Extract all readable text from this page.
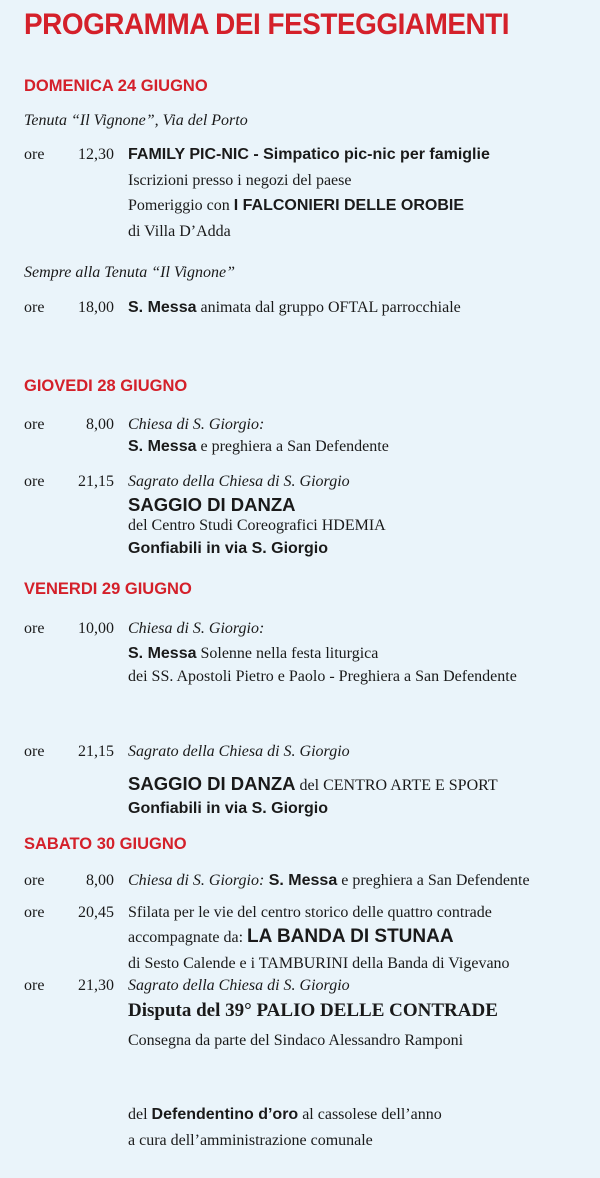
PROGRAMMA DEI FESTEGGIAMENTI
DOMENICA 24 GIUGNO
Tenuta “Il Vignone”, Via del Porto
ore	12,30 FAMILY PIC-NIC - Simpatico pic-nic per famiglie
Iscrizioni presso i negozi del paese
Pomeriggio con I FALCONIERI DELLE OROBIE
di Villa D’Adda
Sempre alla Tenuta “Il Vignone”
ore	18,00 S. Messa animata dal gruppo OFTAL parrocchiale
GIOVEDI 28 GIUGNO
ore	8,00 Chiesa di S. Giorgio:
S. Messa e preghiera a San Defendente
ore	21,15 Sagrato della Chiesa di S. Giorgio
SAGGIO DI DANZA
del Centro Studi Coreografici HDEMIA
Gonfiabili in via S. Giorgio
VENERDI 29 GIUGNO
ore	10,00 Chiesa di S. Giorgio:
S. Messa Solenne nella festa liturgica
dei SS. Apostoli Pietro e Paolo - Preghiera a San Defendente
ore	21,15 Sagrato della Chiesa di S. Giorgio
SAGGIO DI DANZA del CENTRO ARTE E SPORT
Gonfiabili in via S. Giorgio
SABATO 30 GIUGNO
ore	8,00 Chiesa di S. Giorgio: S. Messa e preghiera a San Defendente
ore	20,45 Sfilata per le vie del centro storico delle quattro contrade
accompagnate da: LA BANDA DI STUNAA
di Sesto Calende e i TAMBURINI della Banda di Vigevano
ore	21,30 Sagrato della Chiesa di S. Giorgio
Disputa del 39° PALIO DELLE CONTRADE
Consegna da parte del Sindaco Alessandro Ramponi
del Defendentino d’oro al cassolese dell’anno
a cura dell’amministrazione comunale
